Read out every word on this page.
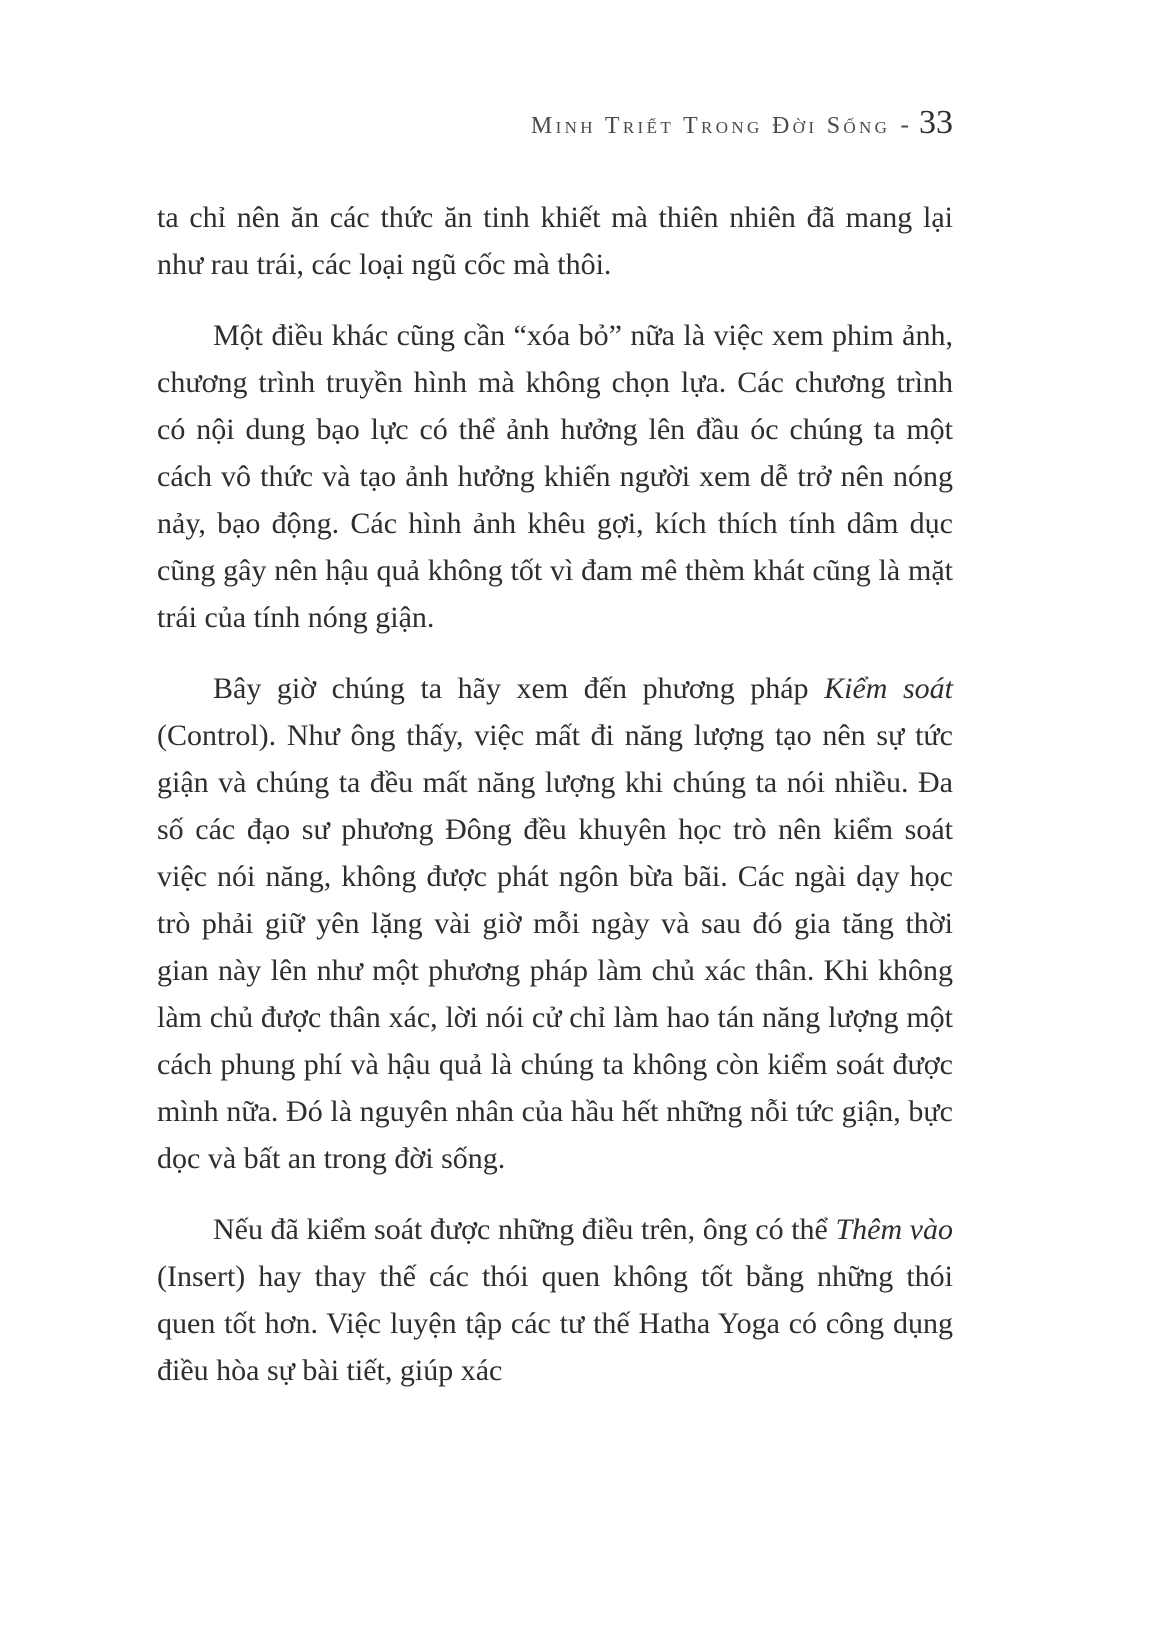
Minh Triết Trong Đời Sống - 33

ta chỉ nên ăn các thức ăn tinh khiết mà thiên nhiên đã mang lại như rau trái, các loại ngũ cốc mà thôi.

Một điều khác cũng cần “xóa bỏ” nữa là việc xem phim ảnh, chương trình truyền hình mà không chọn lựa. Các chương trình có nội dung bạo lực có thể ảnh hưởng lên đầu óc chúng ta một cách vô thức và tạo ảnh hưởng khiến người xem dễ trở nên nóng nảy, bạo động. Các hình ảnh khêu gợi, kích thích tính dâm dục cũng gây nên hậu quả không tốt vì đam mê thèm khát cũng là mặt trái của tính nóng giận.

Bây giờ chúng ta hãy xem đến phương pháp Kiểm soát (Control). Như ông thấy, việc mất đi năng lượng tạo nên sự tức giận và chúng ta đều mất năng lượng khi chúng ta nói nhiều. Đa số các đạo sư phương Đông đều khuyên học trò nên kiểm soát việc nói năng, không được phát ngôn bừa bãi. Các ngài dạy học trò phải giữ yên lặng vài giờ mỗi ngày và sau đó gia tăng thời gian này lên như một phương pháp làm chủ xác thân. Khi không làm chủ được thân xác, lời nói cử chỉ làm hao tán năng lượng một cách phung phí và hậu quả là chúng ta không còn kiểm soát được mình nữa. Đó là nguyên nhân của hầu hết những nỗi tức giận, bực dọc và bất an trong đời sống.

Nếu đã kiểm soát được những điều trên, ông có thể Thêm vào (Insert) hay thay thế các thói quen không tốt bằng những thói quen tốt hơn. Việc luyện tập các tư thế Hatha Yoga có công dụng điều hòa sự bài tiết, giúp xác
